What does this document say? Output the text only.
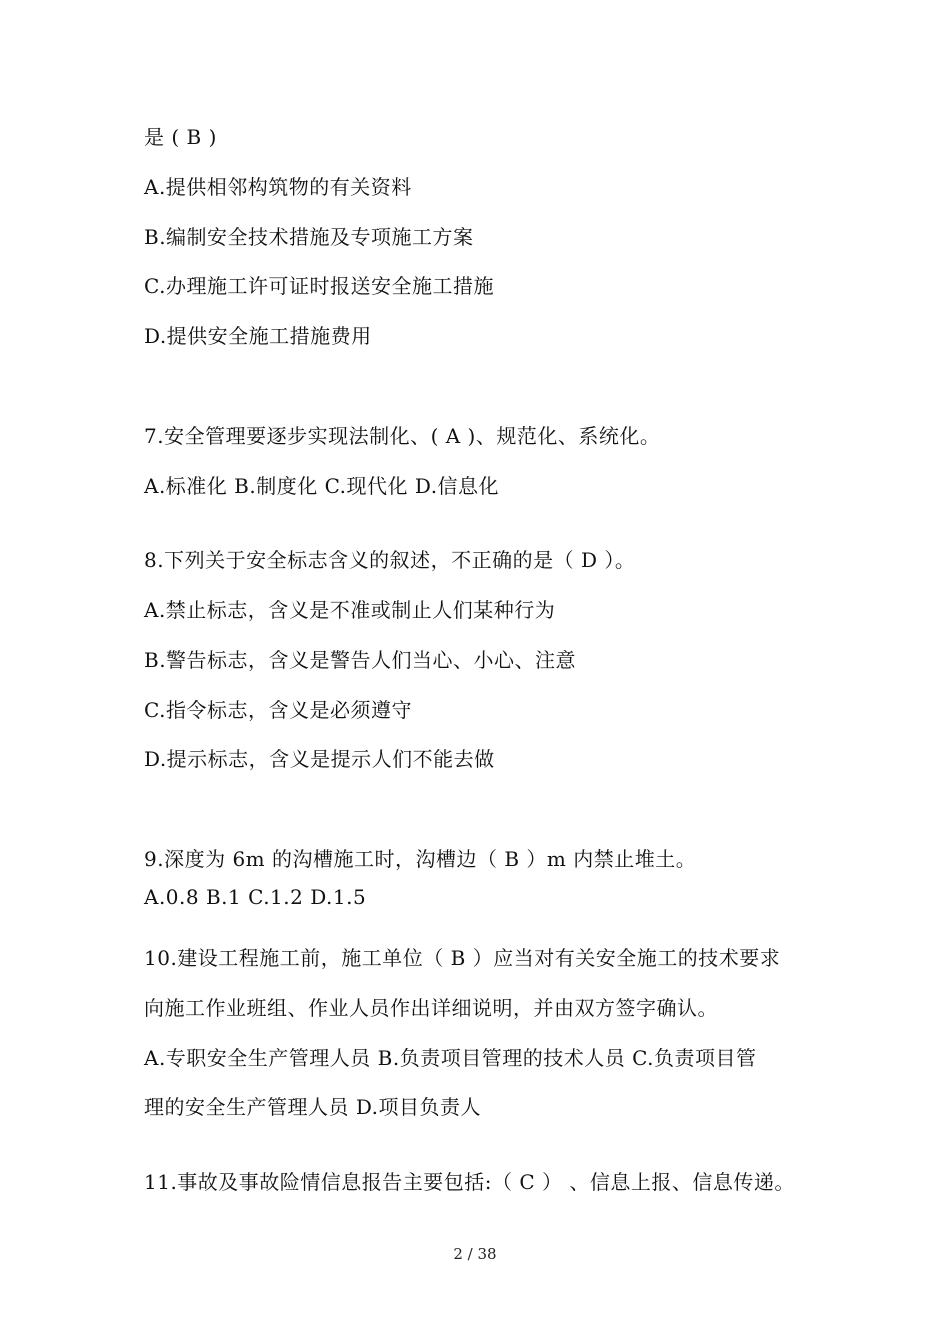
是 ( B )
A.提供相邻构筑物的有关资料
B.编制安全技术措施及专项施工方案
C.办理施工许可证时报送安全施工措施
D.提供安全施工措施费用
7.安全管理要逐步实现法制化、( A )、规范化、系统化。
A.标准化 B.制度化 C.现代化 D.信息化
8.下列关于安全标志含义的叙述，不正确的是（ D ）。
A.禁止标志，含义是不准或制止人们某种行为
B.警告标志，含义是警告人们当心、小心、注意
C.指令标志，含义是必须遵守
D.提示标志，含义是提示人们不能去做
9.深度为 6m 的沟槽施工时，沟槽边（ B ）m 内禁止堆土。
A.0.8 B.1 C.1.2 D.1.5
10.建设工程施工前，施工单位（ B ）应当对有关安全施工的技术要求
向施工作业班组、作业人员作出详细说明，并由双方签字确认。
A.专职安全生产管理人员 B.负责项目管理的技术人员 C.负责项目管
理的安全生产管理人员 D.项目负责人
11.事故及事故险情信息报告主要包括:（ C ） 、信息上报、信息传递。
2 / 38
